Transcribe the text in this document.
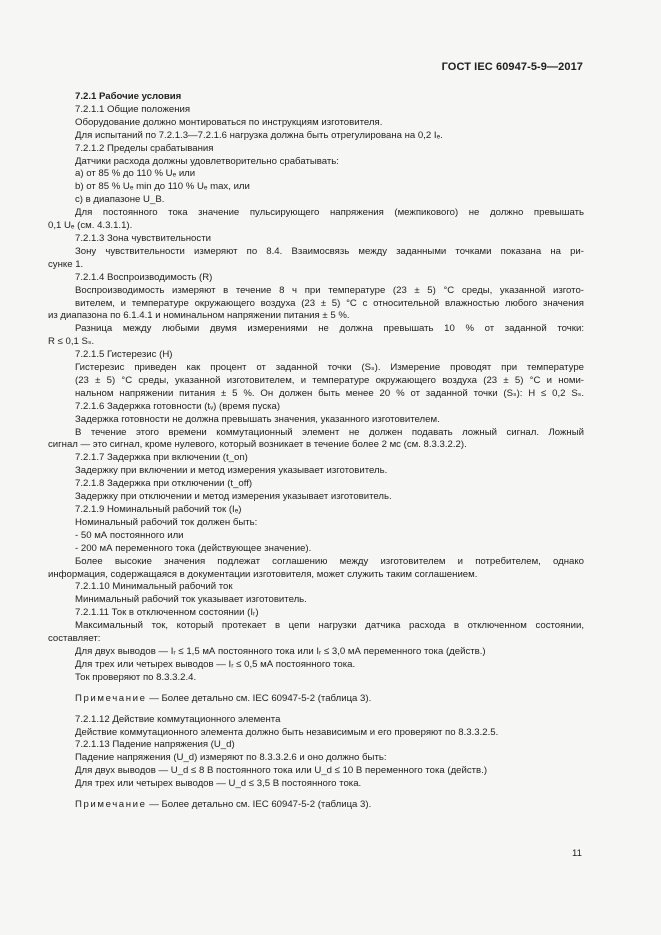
ГОСТ IEC 60947-5-9—2017

7.2.1 Рабочие условия

7.2.1.1 Общие положения

Оборудование должно монтироваться по инструкциям изготовителя.

Для испытаний по 7.2.1.3—7.2.1.6 нагрузка должна быть отрегулирована на 0,2 Iₑ.

7.2.1.2 Пределы срабатывания

Датчики расхода должны удовлетворительно срабатывать:

a) от 85 % до 110 % Uₑ или

b) от 85 % Uₑ min до 110 % Uₑ max, или

c) в диапазоне U_B.

Для постоянного тока значение пульсирующего напряжения (межпикового) не должно превышать

0,1 Uₑ (см. 4.3.1.1).

7.2.1.3 Зона чувствительности

Зону чувствительности измеряют по 8.4. Взаимосвязь между заданными точками показана на ри-

сунке 1.

7.2.1.4 Воспроизводимость (R)

Воспроизводимость измеряют в течение 8 ч при температуре (23 ± 5) °C среды, указанной изгото-

вителем, и температуре окружающего воздуха (23 ± 5) °C с относительной влажностью любого значения

из диапазона по 6.1.4.1 и номинальном напряжении питания ± 5 %.

Разница между любыми двумя измерениями не должна превышать 10 % от заданной точки:

R ≤ 0,1 Sₛ.

7.2.1.5 Гистерезис (H)

Гистерезис приведен как процент от заданной точки (Sₛ). Измерение проводят при температуре

(23 ± 5) °C среды, указанной изготовителем, и температуре окружающего воздуха (23 ± 5) °C и номи-

нальном напряжении питания ± 5 %. Он должен быть менее 20 % от заданной точки (Sₛ): H ≤ 0,2 Sₛ.

7.2.1.6 Задержка готовности (tᵥ) (время пуска)

Задержка готовности не должна превышать значения, указанного изготовителем.

В течение этого времени коммутационный элемент не должен подавать ложный сигнал. Ложный

сигнал — это сигнал, кроме нулевого, который возникает в течение более 2 мс (см. 8.3.3.2.2).

7.2.1.7 Задержка при включении (t_on)

Задержку при включении и метод измерения указывает изготовитель.

7.2.1.8 Задержка при отключении (t_off)

Задержку при отключении и метод измерения указывает изготовитель.

7.2.1.9 Номинальный рабочий ток (Iₑ)

Номинальный рабочий ток должен быть:

- 50 мА постоянного или

- 200 мА переменного тока (действующее значение).

Более высокие значения подлежат соглашению между изготовителем и потребителем, однако

информация, содержащаяся в документации изготовителя, может служить таким соглашением.

7.2.1.10 Минимальный рабочий ток

Минимальный рабочий ток указывает изготовитель.

7.2.1.11 Ток в отключенном состоянии (Iᵣ)

Максимальный ток, который протекает в цепи нагрузки датчика расхода в отключенном состоянии,

составляет:

Для двух выводов — Iᵣ ≤ 1,5 мА постоянного тока или Iᵣ ≤ 3,0 мА переменного тока (действ.)

Для трех или четырех выводов — Iᵣ ≤ 0,5 мА постоянного тока.

Ток проверяют по 8.3.3.2.4.

Примечание — Более детально см. IEC 60947-5-2 (таблица 3).

7.2.1.12 Действие коммутационного элемента

Действие коммутационного элемента должно быть независимым и его проверяют по 8.3.3.2.5.

7.2.1.13 Падение напряжения (U_d)

Падение напряжения (U_d) измеряют по 8.3.3.2.6 и оно должно быть:

Для двух выводов — U_d ≤ 8 В постоянного тока или U_d ≤ 10 В переменного тока (действ.)

Для трех или четырех выводов — U_d ≤ 3,5 В постоянного тока.

Примечание — Более детально см. IEC 60947-5-2 (таблица 3).

11
